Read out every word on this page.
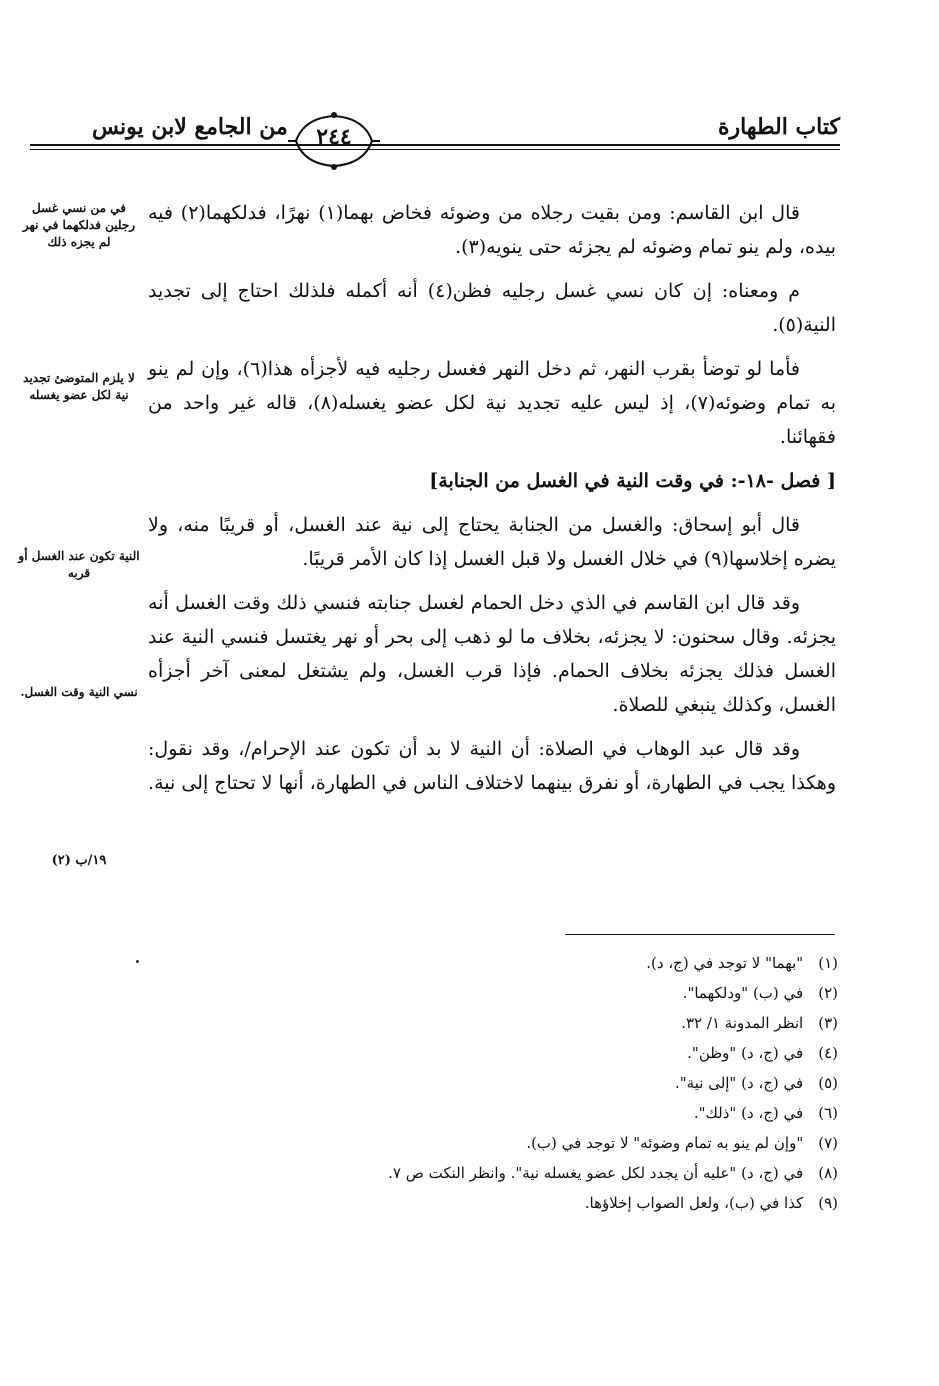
كتاب الطهارة
٢٤٤
من الجامع لابن يونس
في من نسي غسل رجلين فدلكهما في نهر لم يجزه ذلك
لا يلزم المتوضئ تجديد نية لكل عضو يغسله
النية تكون عند الغسل أو قربه
نسي النية وقت الغسل.
١٩/ب (٢)

قال ابن القاسم: ومن بقيت رجلاه من وضوئه فخاض بهما(١) نهرًا، فدلكهما(٢) فيه بيده، ولم ينو تمام وضوئه لم يجزئه حتى ينويه(٣).

م ومعناه: إن كان نسي غسل رجليه فظن(٤) أنه أكمله فلذلك احتاج إلى تجديد النية(٥).

فأما لو توضأ بقرب النهر، ثم دخل النهر فغسل رجليه فيه لأجزأه هذا(٦)، وإن لم ينو به تمام وضوئه(٧)، إذ ليس عليه تجديد نية لكل عضو يغسله(٨)، قاله غير واحد من فقهائنا.

[ فصل -١٨-: في وقت النية في الغسل من الجنابة]

قال أبو إسحاق: والغسل من الجنابة يحتاج إلى نية عند الغسل، أو قريبًا منه، ولا يضره إخلاسها(٩) في خلال الغسل ولا قبل الغسل إذا كان الأمر قريبًا.

وقد قال ابن القاسم في الذي دخل الحمام لغسل جنابته فنسي ذلك وقت الغسل أنه يجزئه. وقال سحنون: لا يجزئه، بخلاف ما لو ذهب إلى بحر أو نهر يغتسل فنسي النية عند الغسل فذلك يجزئه بخلاف الحمام. فإذا قرب الغسل، ولم يشتغل لمعنى آخر أجزأه الغسل، وكذلك ينبغي للصلاة.

وقد قال عبد الوهاب في الصلاة: أن النية لا بد أن تكون عند الإحرام/، وقد نقول: وهكذا يجب في الطهارة، أو نفرق بينهما لاختلاف الناس في الطهارة، أنها لا تحتاج إلى نية.

(١) "بهما" لا توجد في (ج، د).
(٢) في (ب) "ودلكهما".
(٣) انظر المدونة ١/ ٣٢.
(٤) في (ج، د) "وظن".
(٥) في (ج، د) "إلى نية".
(٦) في (ج، د) "ذلك".
(٧) "وإن لم ينو به تمام وضوئه" لا توجد في (ب).
(٨) في (ج، د) "عليه أن يجدد لكل عضو يغسله نية". وانظر النكت ص ٧.
(٩) كذا في (ب)، ولعل الصواب إخلاؤها.
